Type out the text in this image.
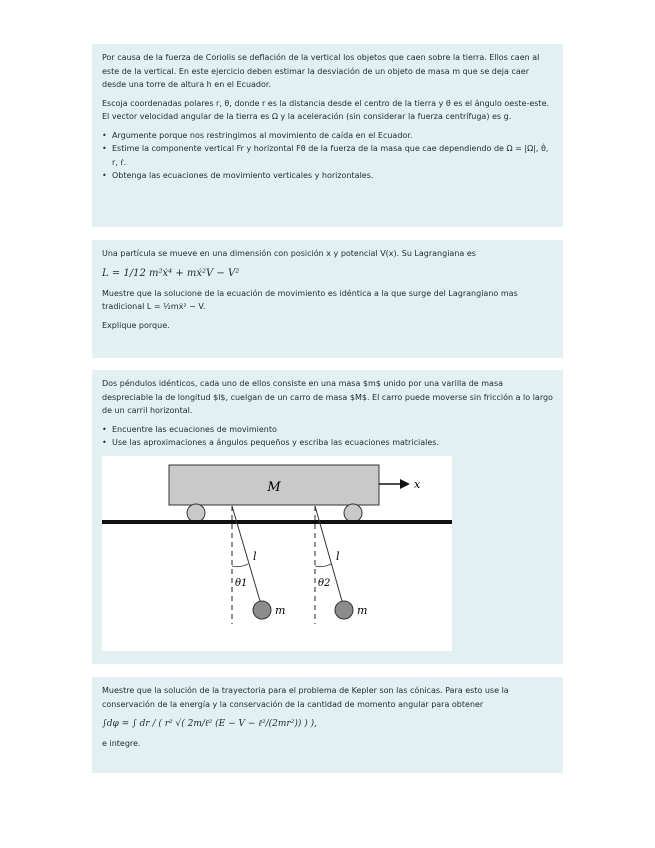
Por causa de la fuerza de Coriolis se deflación de la vertical los objetos que caen sobre la tierra. Ellos caen al este de la vertical. En este ejercicio deben estimar la desviación de un objeto de masa m que se deja caer desde una torre de altura h en el Ecuador.

Escoja coordenadas polares r, θ, donde r es la distancia desde el centro de la tierra y θ es el ángulo oeste-este. El vector velocidad angular de la tierra es Ω y la aceleración (sin considerar la fuerza centrífuga) es g.

• Argumente porque nos restringimos al movimiento de caída en el Ecuador.
• Estime la componente vertical Fr y horizontal Fθ de la fuerza de la masa que cae dependiendo de Ω = |Ω|, θ̇, r, ṙ.
• Obtenga las ecuaciones de movimiento verticales y horizontales.

Una partícula se mueve en una dimensión con posición x y potencial V(x). Su Lagrangiana es

L = 1/12 m²ẋ⁴ + mẋ²V − V²

Muestre que la solucione de la ecuación de movimiento es idéntica a la que surge del Lagrangiano mas tradicional L = ½mẋ² − V.

Explique porque.

Dos péndulos idénticos, cada uno de ellos consiste en una masa $m$ unido por una varilla de masa despreciable la de longitud $l$, cuelgan de un carro de masa $M$. El carro puede moverse sin fricción a lo largo de un carril horizontal.

• Encuentre las ecuaciones de movimiento
• Use las aproximaciones a ángulos pequeños y escriba las ecuaciones matriciales.
M	x
l
θ1
m
l
θ2
m

Muestre que la solución de la trayectoria para el problema de Kepler son las cónicas. Para esto use la conservación de la energía y la conservación de la cantidad de momento angular para obtener

∫dφ = ∫ dr / ( r² √( 2m/ℓ² (E − V − ℓ²/(2mr²)) ) ),

e integre.
